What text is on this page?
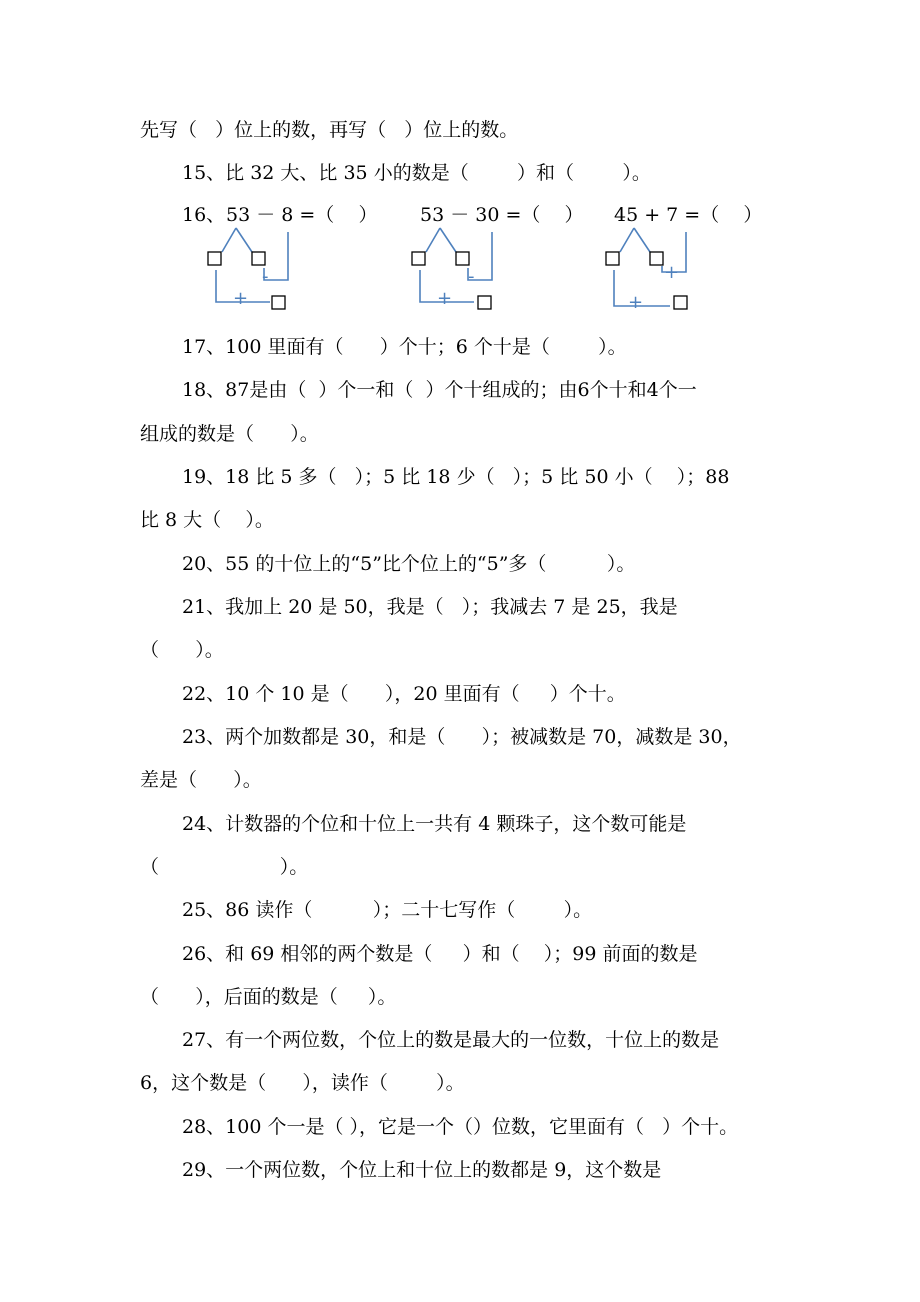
先写（   ）位上的数，再写（   ）位上的数。
15、比 32 大、比 35 小的数是（        ）和（        ）。
16、 53 － 8 =（    ） 53 － 30 =（    ） 45 + 7 =（    ）
-
+
-
+
+
+
17、100 里面有（      ）个十；6 个十是（        ）。
18、87是由（  ）个一和（  ）个十组成的；由6个十和4个一
组成的数是（      ）。
19、18 比 5 多（   ）；5 比 18 少（   ）；5 比 50 小（    ）；88
比 8 大（    ）。
20、55 的十位上的“5”比个位上的“5”多（          ）。
21、我加上 20 是 50，我是（   ）；我减去 7 是 25，我是
（      ）。
22、10 个 10 是（      ），20 里面有（     ）个十。
23、两个加数都是 30，和是（      ）；被减数是 70，减数是 30，
差是（      ）。
24、计数器的个位和十位上一共有 4 颗珠子，这个数可能是
（                    ）。
25、86 读作（          ）；二十七写作（        ）。
26、和 69 相邻的两个数是（     ）和（    ）；99 前面的数是
（      ），后面的数是（     ）。
27、有一个两位数，个位上的数是最大的一位数，十位上的数是
6，这个数是（      ），读作（        ）。
28、100 个一是（ ），它是一个（）位数，它里面有（   ）个十。
29、一个两位数，个位上和十位上的数都是 9，这个数是
